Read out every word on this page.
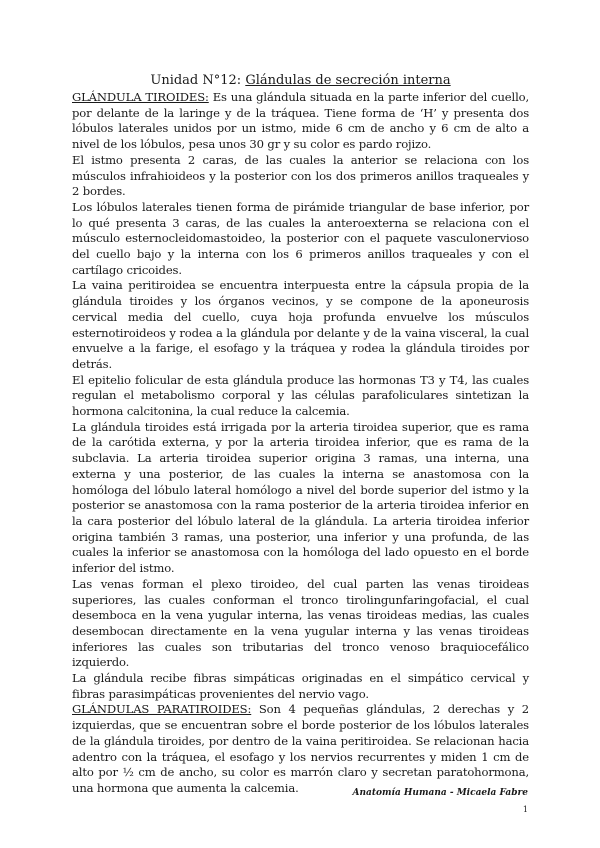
Unidad N°12: Glándulas de secreción interna

GLÁNDULA TIROIDES: Es una glándula situada en la parte inferior del cuello, por delante de la laringe y de la tráquea. Tiene forma de ‘H’ y presenta dos lóbulos laterales unidos por un istmo, mide 6 cm de ancho y 6 cm de alto a nivel de los lóbulos, pesa unos 30 gr y su color es pardo rojizo.

El istmo presenta 2 caras, de las cuales la anterior se relaciona con los músculos infrahioideos y la posterior con los dos primeros anillos traqueales y 2 bordes.

Los lóbulos laterales tienen forma de pirámide triangular de base inferior, por lo qué presenta 3 caras, de las cuales la anteroexterna se relaciona con el músculo esternocleidomastoideo, la posterior con el paquete vasculonervioso del cuello bajo y la interna con los 6 primeros anillos traqueales y con el cartílago cricoides.

La vaina peritiroidea se encuentra interpuesta entre la cápsula propia de la glándula tiroides y los órganos vecinos, y se compone de la aponeurosis cervical media del cuello, cuya hoja profunda envuelve los músculos esternotiroideos y rodea a la glándula por delante y de la vaina visceral, la cual envuelve a la farige, el esofago y la tráquea y rodea la glándula tiroides por detrás.

El epitelio folicular de esta glándula produce las hormonas T3 y T4, las cuales regulan el metabolismo corporal y las células parafoliculares sintetizan la hormona calcitonina, la cual reduce la calcemia.

La glándula tiroides está irrigada por la arteria tiroidea superior, que es rama de la carótida externa, y por la arteria tiroidea inferior, que es rama de la subclavia. La arteria tiroidea superior origina 3 ramas, una interna, una externa y una posterior, de las cuales la interna se anastomosa con la homóloga del lóbulo lateral homólogo a nivel del borde superior del istmo y la posterior se anastomosa con la rama posterior de la arteria tiroidea inferior en la cara posterior del lóbulo lateral de la glándula. La arteria tiroidea inferior origina también 3 ramas, una posterior, una inferior y una profunda, de las cuales la inferior se anastomosa con la homóloga del lado opuesto en el borde inferior del istmo.

Las venas forman el plexo tiroideo, del cual parten las venas tiroideas superiores, las cuales conforman el tronco tirolingunfaringofacial, el cual desemboca en la vena yugular interna, las venas tiroideas medias, las cuales desembocan directamente en la vena yugular interna y las venas tiroideas inferiores las cuales son tributarias del tronco venoso braquiocefálico izquierdo.

La glándula recibe fibras simpáticas originadas en el simpático cervical y fibras parasimpáticas provenientes del nervio vago.

GLÁNDULAS PARATIROIDES: Son 4 pequeñas glándulas, 2 derechas y 2 izquierdas, que se encuentran sobre el borde posterior de los lóbulos laterales de la glándula tiroides, por dentro de la vaina peritiroidea. Se relacionan hacia adentro con la tráquea, el esofago y los nervios recurrentes y miden 1 cm de alto por ½ cm de ancho, su color es marrón claro y secretan paratohormona, una hormona que aumenta la calcemia.	Anatomía Humana - Micaela Fabre
1
